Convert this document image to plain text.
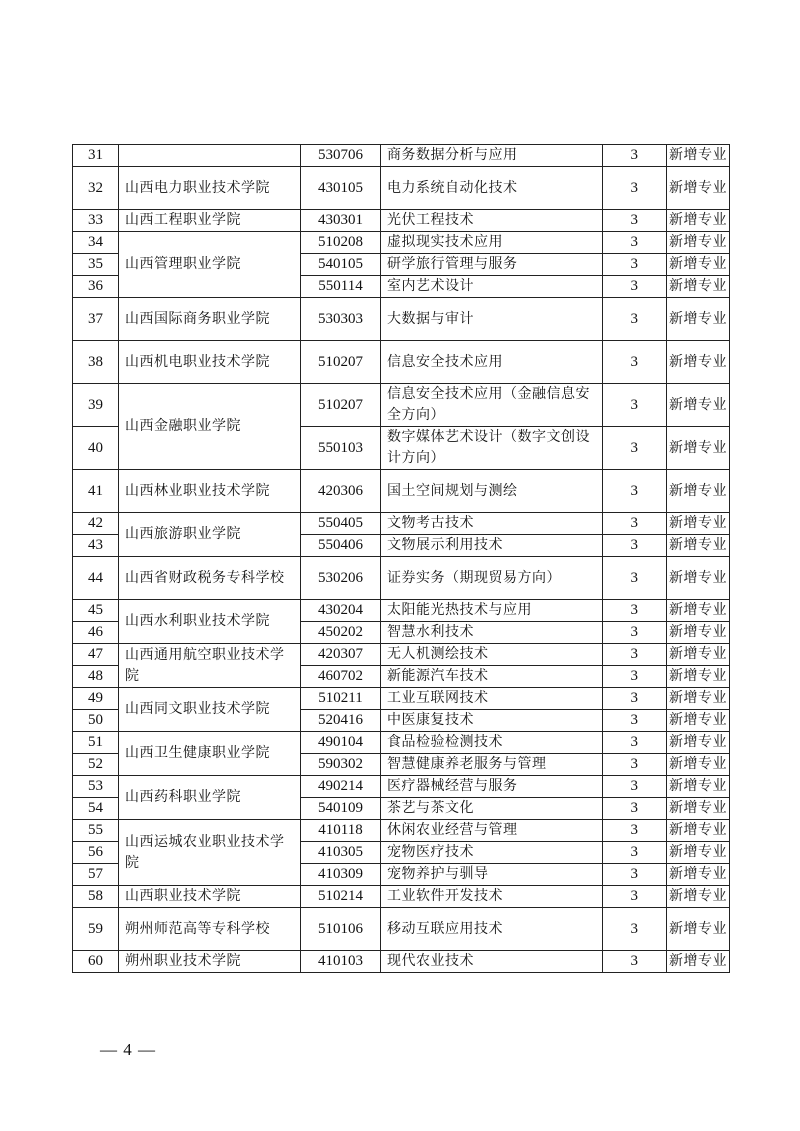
31		530706	商务数据分析与应用	3	新增专业
32	山西电力职业技术学院	430105	电力系统自动化技术	3	新增专业
33	山西工程职业学院	430301	光伏工程技术	3	新增专业
34	山西管理职业学院	510208	虚拟现实技术应用	3	新增专业
35		540105	研学旅行管理与服务	3	新增专业
36		550114	室内艺术设计	3	新增专业
37	山西国际商务职业学院	530303	大数据与审计	3	新增专业
38	山西机电职业技术学院	510207	信息安全技术应用	3	新增专业
39	山西金融职业学院	510207	信息安全技术应用（金融信息安全方向）	3	新增专业
40		550103	数字媒体艺术设计（数字文创设计方向）	3	新增专业
41	山西林业职业技术学院	420306	国土空间规划与测绘	3	新增专业
42	山西旅游职业学院	550405	文物考古技术	3	新增专业
43		550406	文物展示利用技术	3	新增专业
44	山西省财政税务专科学校	530206	证券实务（期现贸易方向）	3	新增专业
45	山西水利职业技术学院	430204	太阳能光热技术与应用	3	新增专业
46		450202	智慧水利技术	3	新增专业
47	山西通用航空职业技术学院	420307	无人机测绘技术	3	新增专业
48		460702	新能源汽车技术	3	新增专业
49	山西同文职业技术学院	510211	工业互联网技术	3	新增专业
50		520416	中医康复技术	3	新增专业
51	山西卫生健康职业学院	490104	食品检验检测技术	3	新增专业
52		590302	智慧健康养老服务与管理	3	新增专业
53	山西药科职业学院	490214	医疗器械经营与服务	3	新增专业
54		540109	茶艺与茶文化	3	新增专业
55	山西运城农业职业技术学院	410118	休闲农业经营与管理	3	新增专业
56		410305	宠物医疗技术	3	新增专业
57		410309	宠物养护与驯导	3	新增专业
58	山西职业技术学院	510214	工业软件开发技术	3	新增专业
59	朔州师范高等专科学校	510106	移动互联应用技术	3	新增专业
60	朔州职业技术学院	410103	现代农业技术	3	新增专业
— 4 —
